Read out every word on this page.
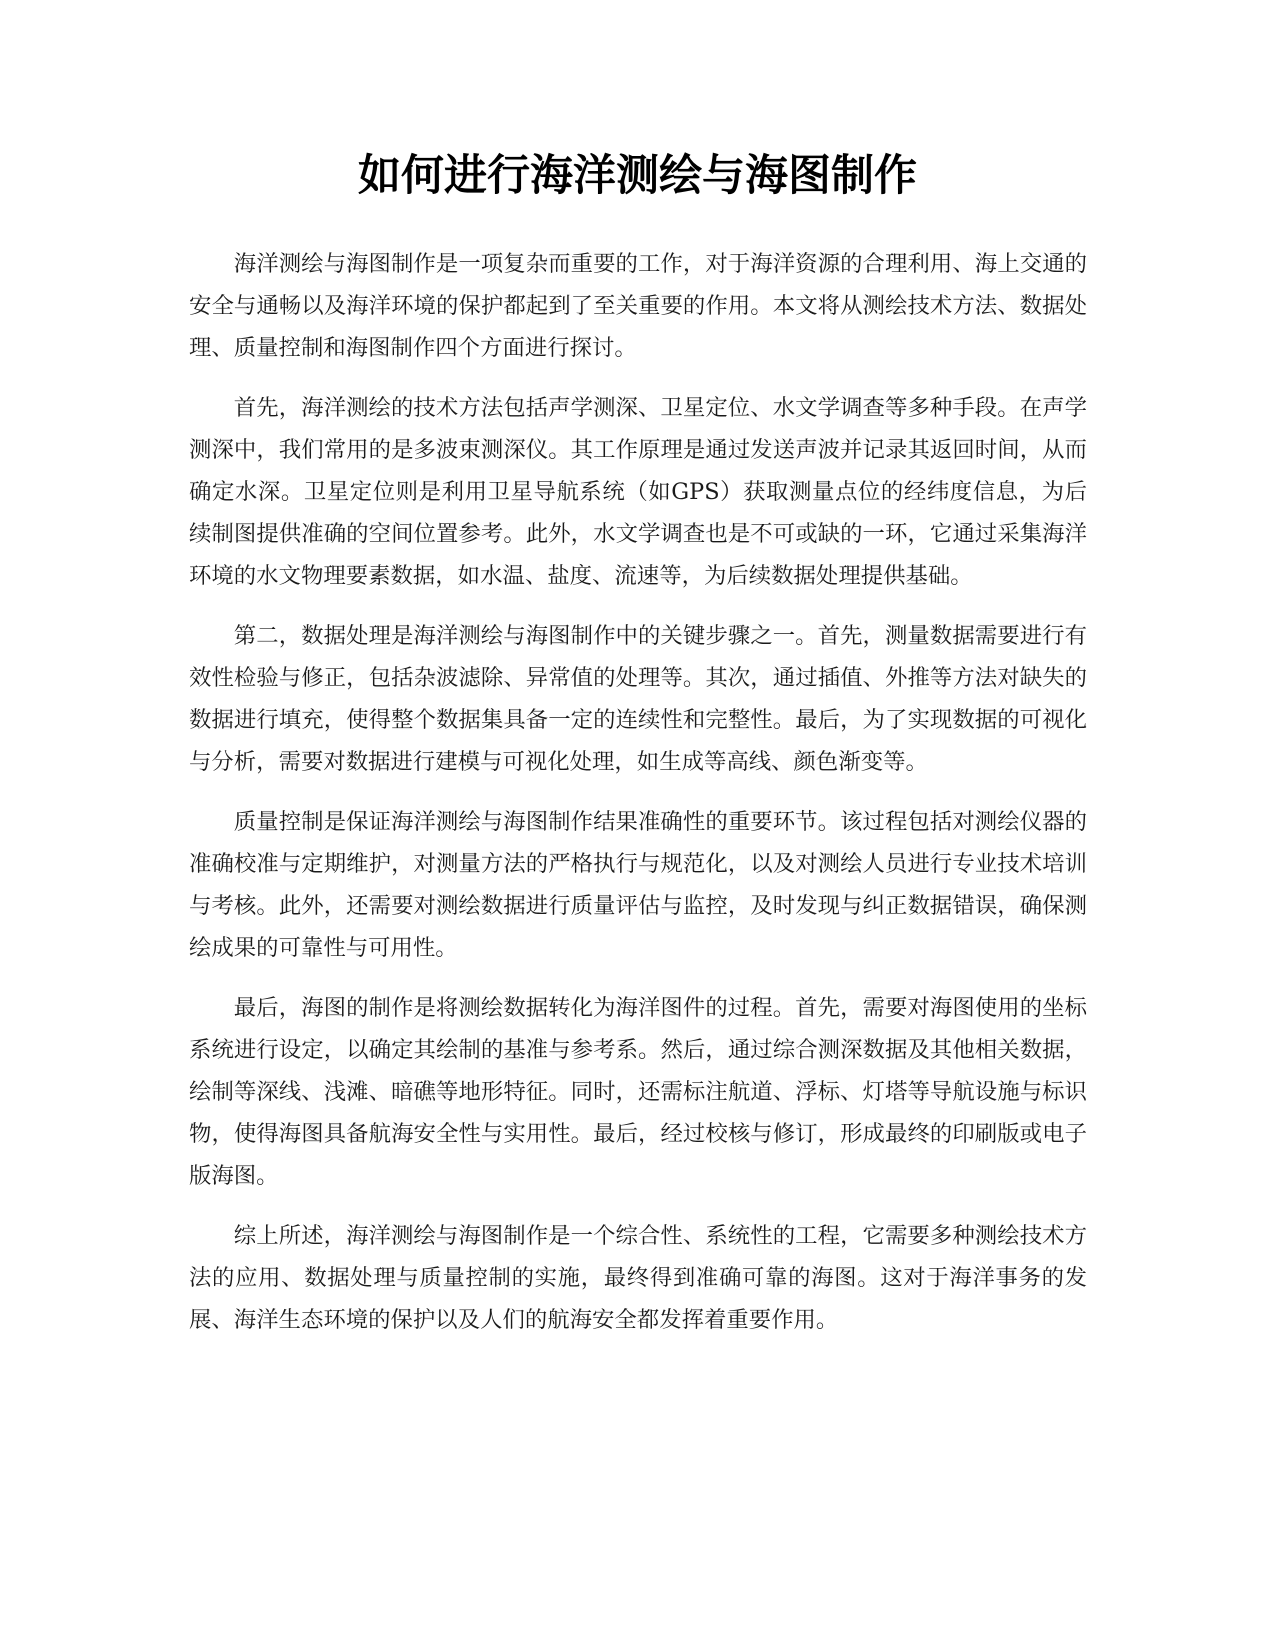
如何进行海洋测绘与海图制作

海洋测绘与海图制作是一项复杂而重要的工作，对于海洋资源的合理利用、海上交通的安全与通畅以及海洋环境的保护都起到了至关重要的作用。本文将从测绘技术方法、数据处理、质量控制和海图制作四个方面进行探讨。

首先，海洋测绘的技术方法包括声学测深、卫星定位、水文学调查等多种手段。在声学测深中，我们常用的是多波束测深仪。其工作原理是通过发送声波并记录其返回时间，从而确定水深。卫星定位则是利用卫星导航系统（如GPS）获取测量点位的经纬度信息，为后续制图提供准确的空间位置参考。此外，水文学调查也是不可或缺的一环，它通过采集海洋环境的水文物理要素数据，如水温、盐度、流速等，为后续数据处理提供基础。

第二，数据处理是海洋测绘与海图制作中的关键步骤之一。首先，测量数据需要进行有效性检验与修正，包括杂波滤除、异常值的处理等。其次，通过插值、外推等方法对缺失的数据进行填充，使得整个数据集具备一定的连续性和完整性。最后，为了实现数据的可视化与分析，需要对数据进行建模与可视化处理，如生成等高线、颜色渐变等。

质量控制是保证海洋测绘与海图制作结果准确性的重要环节。该过程包括对测绘仪器的准确校准与定期维护，对测量方法的严格执行与规范化，以及对测绘人员进行专业技术培训与考核。此外，还需要对测绘数据进行质量评估与监控，及时发现与纠正数据错误，确保测绘成果的可靠性与可用性。

最后，海图的制作是将测绘数据转化为海洋图件的过程。首先，需要对海图使用的坐标系统进行设定，以确定其绘制的基准与参考系。然后，通过综合测深数据及其他相关数据，绘制等深线、浅滩、暗礁等地形特征。同时，还需标注航道、浮标、灯塔等导航设施与标识物，使得海图具备航海安全性与实用性。最后，经过校核与修订，形成最终的印刷版或电子版海图。

综上所述，海洋测绘与海图制作是一个综合性、系统性的工程，它需要多种测绘技术方法的应用、数据处理与质量控制的实施，最终得到准确可靠的海图。这对于海洋事务的发展、海洋生态环境的保护以及人们的航海安全都发挥着重要作用。
